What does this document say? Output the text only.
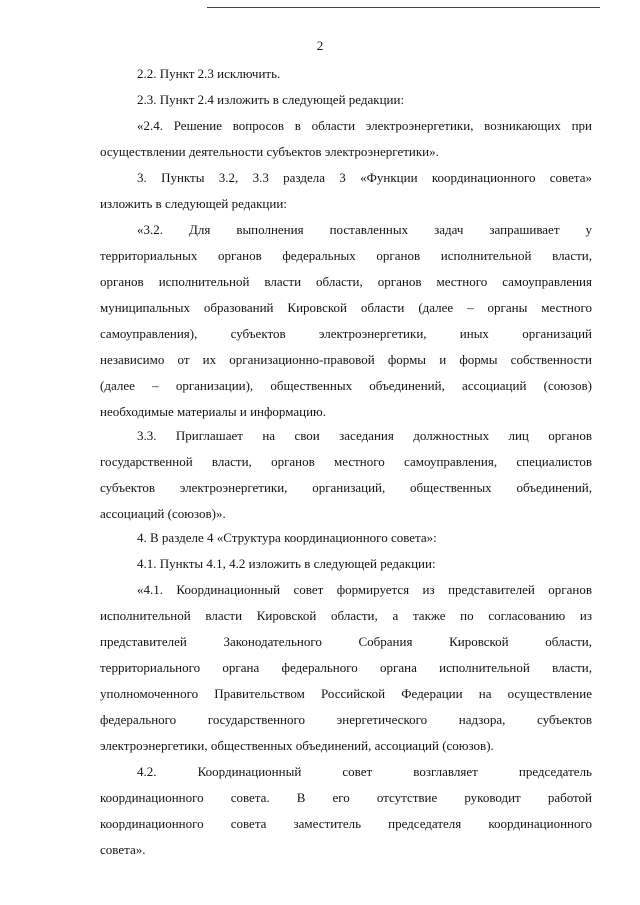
2
2.2. Пункт 2.3 исключить.
2.3. Пункт 2.4 изложить в следующей редакции:
«2.4. Решение вопросов в области электроэнергетики, возникающих при
осуществлении деятельности субъектов электроэнергетики».
3. Пункты 3.2, 3.3 раздела 3 «Функции координационного совета»
изложить в следующей редакции:
«3.2. Для выполнения поставленных задач запрашивает у
территориальных органов федеральных органов исполнительной власти,
органов исполнительной власти области, органов местного самоуправления
муниципальных образований Кировской области (далее – органы местного
самоуправления), субъектов электроэнергетики, иных организаций
независимо от их организационно-правовой формы и формы собственности
(далее – организации), общественных объединений, ассоциаций (союзов)
необходимые материалы и информацию.
3.3. Приглашает на свои заседания должностных лиц органов
государственной власти, органов местного самоуправления, специалистов
субъектов электроэнергетики, организаций, общественных объединений,
ассоциаций (союзов)».
4. В разделе 4 «Структура координационного совета»:
4.1. Пункты 4.1, 4.2 изложить в следующей редакции:
«4.1. Координационный совет формируется из представителей органов
исполнительной власти Кировской области, а также по согласованию из
представителей Законодательного Собрания Кировской области,
территориального органа федерального органа исполнительной власти,
уполномоченного Правительством Российской Федерации на осуществление
федерального государственного энергетического надзора, субъектов
электроэнергетики, общественных объединений, ассоциаций (союзов).
4.2. Координационный совет возглавляет председатель
координационного совета. В его отсутствие руководит работой
координационного совета заместитель председателя координационного
совета».
